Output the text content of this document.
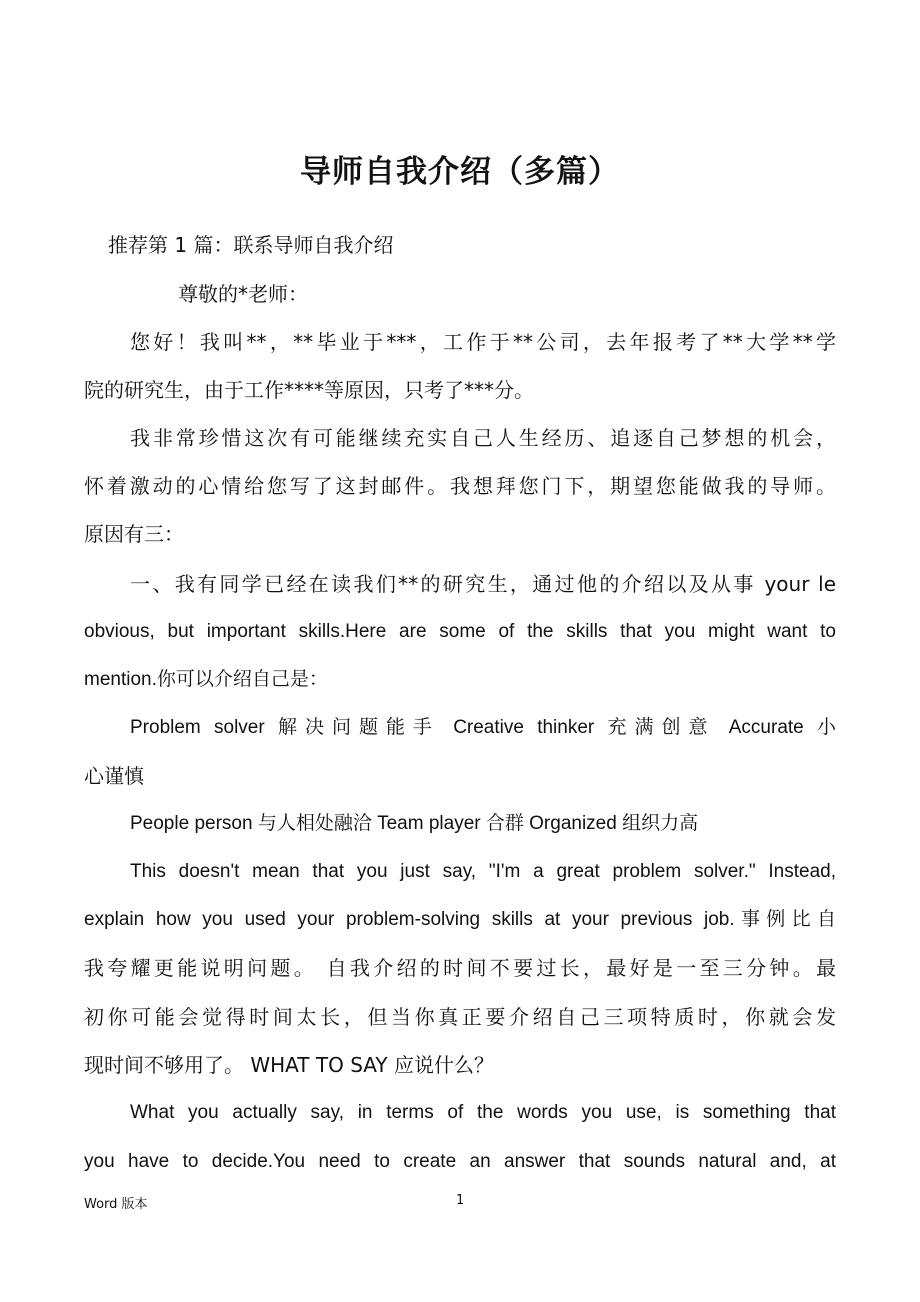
导师自我介绍（多篇）
推荐第 1 篇：联系导师自我介绍
尊敬的*老师：
您好！我叫**，**毕业于***，工作于**公司，去年报考了**大学**学
院的研究生，由于工作****等原因，只考了***分。
我非常珍惜这次有可能继续充实自己人生经历、追逐自己梦想的机会，
怀着激动的心情给您写了这封邮件。我想拜您门下，期望您能做我的导师。
原因有三：
一、我有同学已经在读我们**的研究生，通过他的介绍以及从事 your le
obvious, but important skills.Here are some of the skills that you might want to
mention.你可以介绍自己是：
Problem solver 解决问题能手 Creative thinker 充满创意 Accurate 小
心谨慎
People person 与人相处融洽 Team player 合群 Organized 组织力高
This doesn't mean that you just say, "I'm a great problem solver." Instead,
explain how you used your problem-solving skills at your previous job.事例比自
我夸耀更能说明问题。 自我介绍的时间不要过长，最好是一至三分钟。最
初你可能会觉得时间太长，但当你真正要介绍自己三项特质时，你就会发
现时间不够用了。 WHAT TO SAY 应说什么？
What you actually say, in terms of the words you use, is something that
you have to decide.You need to create an answer that sounds natural and, at
Word 版本	1
